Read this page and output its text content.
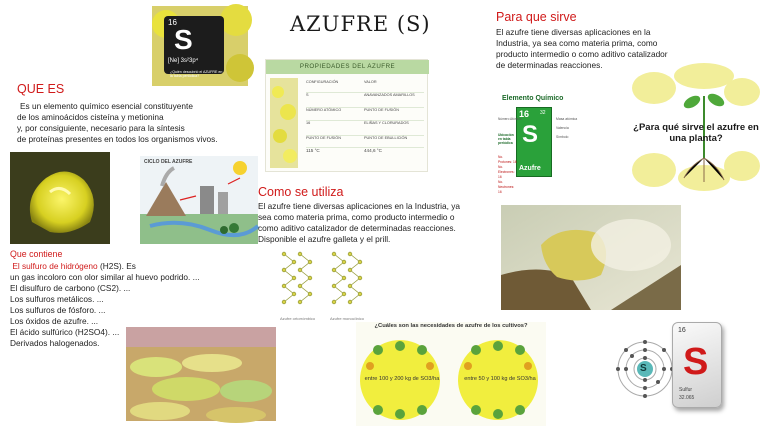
AZUFRE (S)
16
S
[Ne] 3s²3p⁴
¿Quién descubrió el AZUFRE en la tabla periódica?
QUE ES
Es un elemento químico esencial constituyente
de los aminoácidos cisteína y metionina
y, por consiguiente, necesario para la síntesis
de proteínas presentes en todos los organismos vivos.
CICLO DEL AZUFRE
PROPIEDADES DEL AZUFRE
CONFIGURACIÓN	VALOR
S	ANAVANZADOS AMARILLOS
NÚMERO ATÓMICO	PUNTO DE FUSIÓN
16	ELIÑAS Y CLORURADOS
PUNTO DE FUSIÓN	PUNTO DE EBULLICIÓN
115 °C	444,6 °C
Para que sirve
El azufre tiene diversas aplicaciones en la
Industria, ya sea como materia prima, como
producto intermedio o como aditivo catalizador
de determinadas reacciones.
Elemento Químico
16 32
S
Azufre
Número Atómico	Masa atómica
Valencia
Símbolo
Ubicación en tabla periódica
No. Protones: 16
No. Electrones: 16
No. Neutrones: 16
¿Para qué sirve el azufre en una planta?
Como se utiliza
El azufre tiene diversas aplicaciones en la Industria, ya
sea como materia prima, como producto intermedio o
como aditivo catalizador de determinadas reacciones.
Disponible el azufre galleta y el prill.
Azufre ortorrómbico	Azufre monoclínico
Que contiene
El sulfuro de hidrógeno (H2S). Es
un gas incoloro con olor similar al huevo podrido. ...
El disulfuro de carbono (CS2). ...
Los sulfuros metálicos. ...
Los sulfuros de fósforo. ...
Los óxidos de azufre. ...
El ácido sulfúrico (H2SO4). ...
Derivados halogenados.
¿Cuáles son las necesidades de azufre de los cultivos?
entre 100 y 200 kg de SO3/ha	entre 50 y 100 kg de SO3/ha
S
16
S
Sulfur
32.065
